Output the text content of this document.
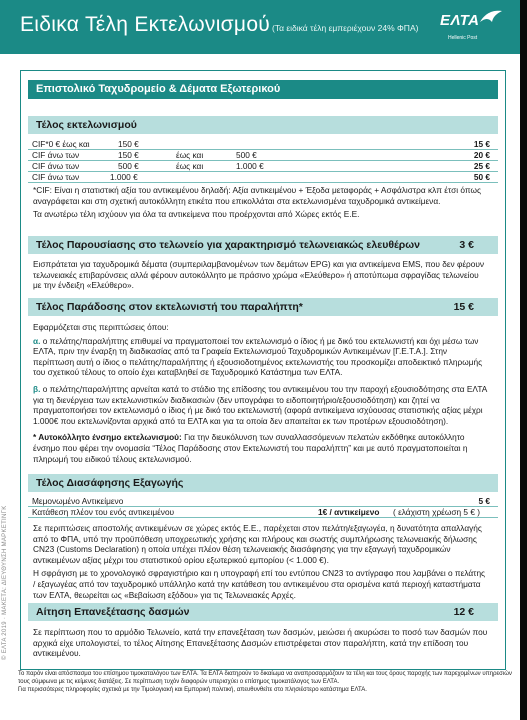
Ειδικα Τέλη Εκτελωνισμού (Τα ειδικά τέλη εμπεριέχουν 24% ΦΠΑ) ΕΛΤΑ
Hellenic Post
Επιστολικό Ταχυδρομείο & Δέματα Εξωτερικού
Τέλος εκτελωνισμού
CIF*0 € έως και	150 €	15 €
CIF άνω των	150 €	έως και	500 €	20 €
CIF άνω των	500 €	έως και	1.000 €	25 €
CIF άνω των	1.000 €	50 €

*CIF: Είναι η στατιστική αξία του αντικειμένου δηλαδή: Αξία αντικειμένου + Έξοδα μεταφοράς + Ασφάλιστρα κλπ έτσι όπως αναγράφεται και στη σχετική αυτοκόλλητη ετικέτα που επικολλάται στα εκτελωνισμένα ταχυδρομικά αντικείμενα.

Τα ανωτέρω τέλη ισχύουν για όλα τα αντικείμενα που προέρχονται από Χώρες εκτός Ε.Ε.

Τέλος Παρουσίασης στο τελωνείο για χαρακτηρισμό τελωνειακώς ελευθέρων	3 €

Εισπράτεται για ταχυδρομικά δέματα (συμπεριλαμβανομένων των δεμάτων EPG) και για αντικείμενα EMS, που δεν φέρουν τελωνειακές επιβαρύνσεις αλλά φέρουν αυτοκόλλητο με πράσινο χρώμα «Ελεύθερο» ή αποτύπωμα σφραγίδας τελωνείου με την ένδειξη «Ελεύθερο».

Τέλος Παράδοσης στον εκτελωνιστή του παραλήπτη*	15 €

Εφαρμόζεται στις περιπτώσεις όπου:

α. ο πελάτης/παραλήπτης επιθυμεί να πραγματοποιεί τον εκτελωνισμό ο ίδιος ή με δικό του εκτελωνιστή και όχι μέσω των ΕΛΤΑ, πριν την έναρξη τη διαδικασίας από τα Γραφεία Εκτελωνισμού Ταχυδρομικών Αντικειμένων [Γ.Ε.Τ.Α.]. Στην περίπτωση αυτή ο ίδιος ο πελάτης/παραλήπτης ή εξουσιοδοτημένος εκτελωνιστής του προσκομίζει αποδεικτικό πληρωμής του σχετικού τέλους το οποίο έχει καταβληθεί σε Ταχυδρομικό Κατάστημα των ΕΛΤΑ.

β. ο πελάτης/παραλήπτης αρνείται κατά το στάδιο της επίδοσης του αντικειμένου του την παροχή εξουσιοδότησης στα ΕΛΤΑ για τη διενέργεια των εκτελωνιστικών διαδικασιών (δεν υπογράφει το ειδοποιητήριο/εξουσιοδότηση) και ζητεί να πραγματοποιήσει τον εκτελωνισμό ο ίδιος ή με δικό του εκτελωνιστή (αφορά αντικείμενα ισχύουσας στατιστικής αξίας μέχρι 1.000€ που εκτελωνίζονται αρχικά από τα ΕΛΤΑ και για τα οποία δεν απαιτείται εκ των προτέρων εξουσιοδότηση).

* Αυτοκόλλητο ένσημο εκτελωνισμού: Για την διευκόλυνση των συναλλασσόμενων πελατών εκδόθηκε αυτοκόλλητο ένσημο που φέρει την ονομασία “Τέλος Παράδοσης στον Εκτελωνιστή του παραλήπτη” και με αυτό πραγματοποιείται η πληρωμή του ειδικού τέλους εκτελωνισμού.

Τέλος Διασάφησης Εξαγωγής
Μεμονωμένο Αντικείμενο	5 €
Κατάθεση πλέον του ενός αντικειμένου	1€ / αντικείμενο ( ελάχιστη χρέωση 5 € )

Σε περιπτώσεις αποστολής αντικειμένων σε χώρες εκτός Ε.Ε., παρέχεται στον πελάτη/εξαγωγέα, η δυνατότητα απαλλαγής από το ΦΠΑ, υπό την προϋπόθεση υποχρεωτικής χρήσης και πλήρους και σωστής συμπλήρωσης τελωνειακής δήλωσης CN23 (Customs Declaration) η οποία υπέχει πλέον θέση τελωνειακής διασάφησης για την εξαγωγή ταχυδρομικών αντικειμένων αξίας μέχρι του στατιστικού ορίου εξωτερικού εμπορίου (< 1.000 €).

Η σφράγιση με το χρονολογικό σφραγιστήριο και η υπογραφή επί του εντύπου CN23 το αντίγραφο που λαμβάνει ο πελάτης / εξαγωγέας από τον ταχυδρομικό υπάλληλο κατά την κατάθεση του αντικειμένου στα ορισμένα κατά περιοχή καταστήματα των ΕΛΤΑ, θεωρείται ως «Βεβαίωση εξόδου» για τις Τελωνειακές Αρχές.

Αίτηση Επανεξέτασης δασμών	12 €

Σε περίπτωση που το αρμόδιο Τελωνείο, κατά την επανεξέταση των δασμών, μειώσει ή ακυρώσει το ποσό των δασμών που αρχικά είχε υπολογιστεί, το τέλος Αίτησης Επανεξέτασης Δασμών επιστρέφεται στον παραλήπτη, κατά την επίδοση του αντικειμένου.

Το παρόν είναι απόσπασμα του επίσημου τιμοκαταλόγου των ΕΛΤΑ. Τα ΕΛΤΑ διατηρούν το δικαίωμα να αναπροσαρμόζουν τα τέλη και τους όρους παροχής των παρεχομένων υπηρεσιών τους σύμφωνα με τις κείμενες διατάξεις. Σε περίπτωση τυχόν διαφορών υπερισχύει ο επίσημος τιμοκατάλογος των ΕΛΤΑ.
Για περισσότερες πληροφορίες σχετικά με την Τιμολογιακή και Εμπορική πολιτική, απευθυνθείτε στο πλησιέστερο κατάστημα ΕΛΤΑ.
© ΕΛΤΑ 2019 · ΜΑΚΕΤΑ: ΔΙΕΥΘΥΝΣΗ ΜΑΡΚΕΤΙΝΓΚ
